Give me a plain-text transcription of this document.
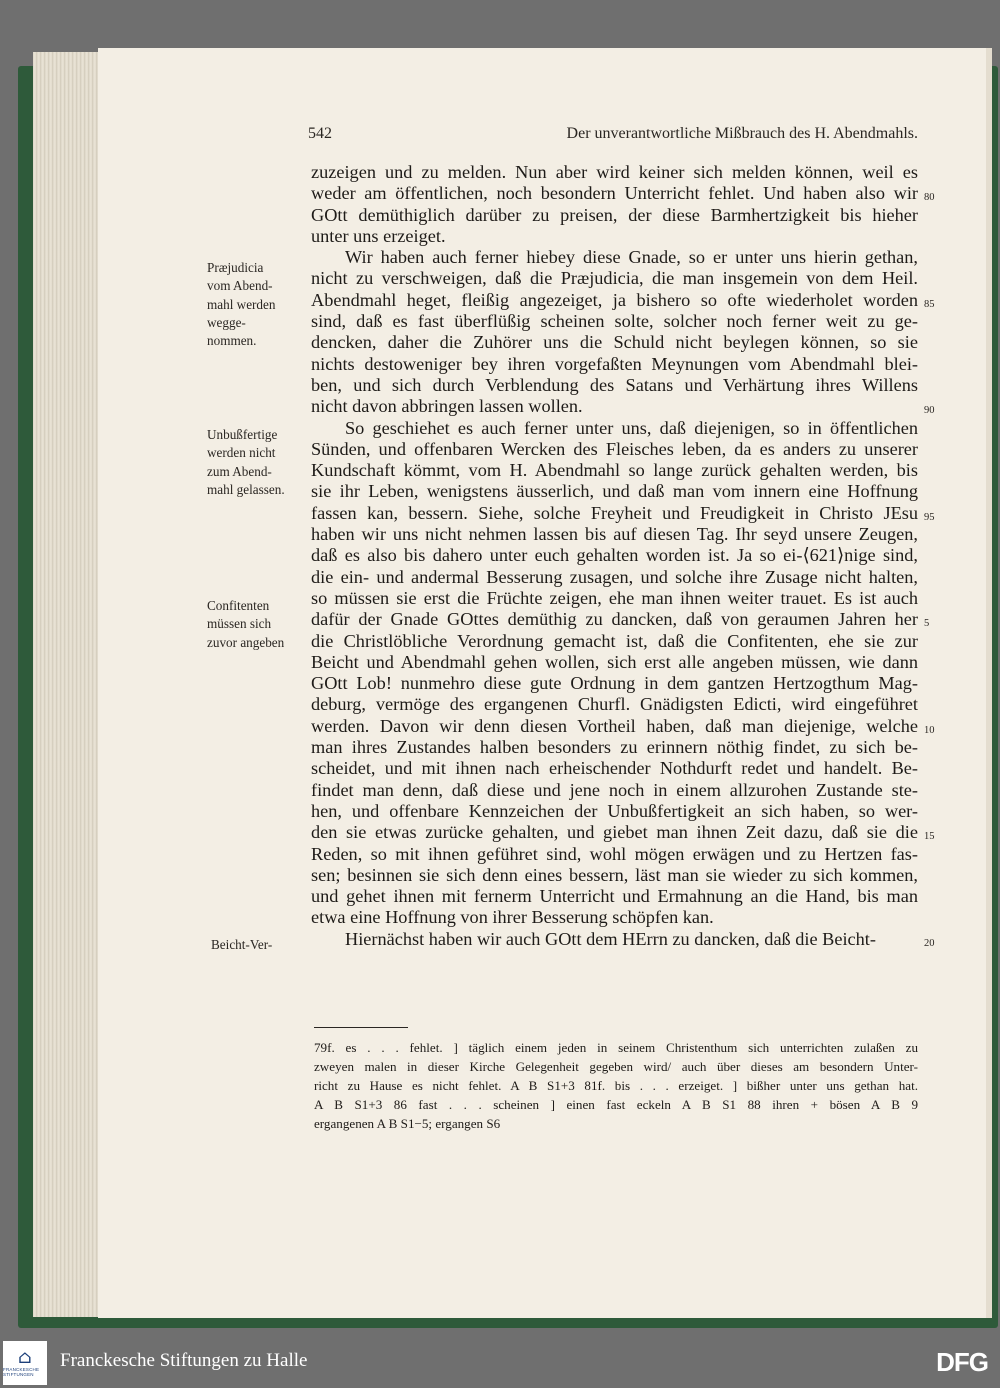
542	Der unverantwortliche Mißbrauch des H. Abendmahls.
zuzeigen und zu melden. Nun aber wird keiner sich melden können, weil es
weder am öffentlichen, noch besondern Unterricht fehlet. Und haben also wir
GOtt demüthiglich darüber zu preisen, der diese Barmhertzigkeit bis hieher
unter uns erzeiget.
Wir haben auch ferner hiebey diese Gnade, so er unter uns hierin gethan,
nicht zu verschweigen, daß die Præjudicia, die man insgemein von dem Heil.
Abendmahl heget, fleißig angezeiget, ja bishero so ofte wiederholet worden
sind, daß es fast überflüßig scheinen solte, solcher noch ferner weit zu ge-
dencken, daher die Zuhörer uns die Schuld nicht beylegen können, so sie
nichts destoweniger bey ihren vorgefaßten Meynungen vom Abendmahl blei-
ben, und sich durch Verblendung des Satans und Verhärtung ihres Willens
nicht davon abbringen lassen wollen.
So geschiehet es auch ferner unter uns, daß diejenigen, so in öffentlichen
Sünden, und offenbaren Wercken des Fleisches leben, da es anders zu unserer
Kundschaft kömmt, vom H. Abendmahl so lange zurück gehalten werden, bis
sie ihr Leben, wenigstens äusserlich, und daß man vom innern eine Hoffnung
fassen kan, bessern. Siehe, solche Freyheit und Freudigkeit in Christo JEsu
haben wir uns nicht nehmen lassen bis auf diesen Tag. Ihr seyd unsere Zeugen,
daß es also bis dahero unter euch gehalten worden ist. Ja so ei-⟨621⟩nige sind,
die ein- und andermal Besserung zusagen, und solche ihre Zusage nicht halten,
so müssen sie erst die Früchte zeigen, ehe man ihnen weiter trauet. Es ist auch
dafür der Gnade GOttes demüthig zu dancken, daß von geraumen Jahren her
die Christlöbliche Verordnung gemacht ist, daß die Confitenten, ehe sie zur
Beicht und Abendmahl gehen wollen, sich erst alle angeben müssen, wie dann
GOtt Lob! nunmehro diese gute Ordnung in dem gantzen Hertzogthum Mag-
deburg, vermöge des ergangenen Churfl. Gnädigsten Edicti, wird eingeführet
werden. Davon wir denn diesen Vortheil haben, daß man diejenige, welche
man ihres Zustandes halben besonders zu erinnern nöthig findet, zu sich be-
scheidet, und mit ihnen nach erheischender Nothdurft redet und handelt. Be-
findet man denn, daß diese und jene noch in einem allzurohen Zustande ste-
hen, und offenbare Kennzeichen der Unbußfertigkeit an sich haben, so wer-
den sie etwas zurücke gehalten, und giebet man ihnen Zeit dazu, daß sie die
Reden, so mit ihnen geführet sind, wohl mögen erwägen und zu Hertzen fas-
sen; besinnen sie sich denn eines bessern, läst man sie wieder zu sich kommen,
und gehet ihnen mit fernerm Unterricht und Ermahnung an die Hand, bis man
etwa eine Hoffnung von ihrer Besserung schöpfen kan.
Hiernächst haben wir auch GOtt dem HErrn zu dancken, daß die Beicht-
80
85
90
95
5
10
15
20
Præjudicia
vom Abend-
mahl werden
wegge-
nommen.
Unbußfertige
werden nicht
zum Abend-
mahl gelassen.
Confitenten
müssen sich
zuvor angeben
Beicht-Ver-
79f. es . . . fehlet. ] täglich einem jeden in seinem Christenthum sich unterrichten zulaßen zu
zweyen malen in dieser Kirche Gelegenheit gegeben wird/ auch über dieses am besondern Unter-
richt zu Hause es nicht fehlet. A B S1+3 81f. bis . . . erzeiget. ] bißher unter uns gethan hat.
A B S1+3 86 fast . . . scheinen ] einen fast eckeln A B S1 88 ihren + bösen A B 9
ergangenen A B S1−5; ergangen S6
⌂
FRANCKESCHE STIFTUNGEN
Franckesche Stiftungen zu Halle	DFG
